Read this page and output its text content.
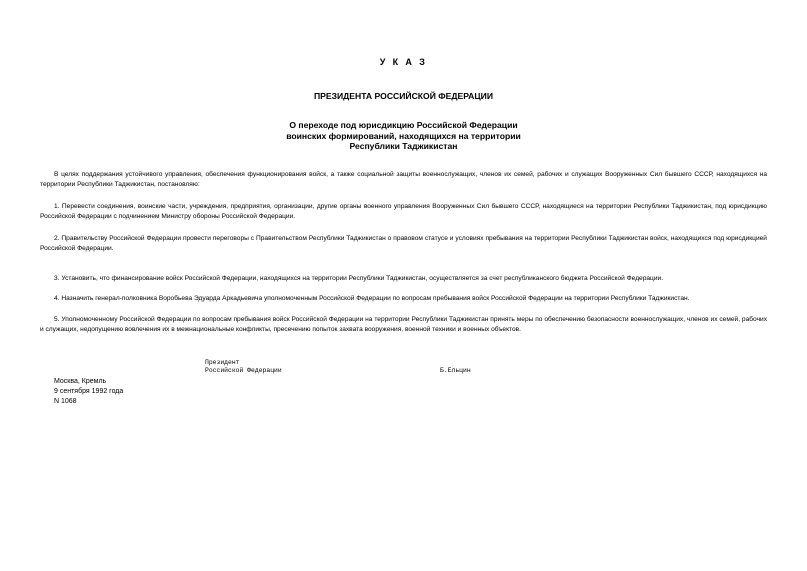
У К А З
ПРЕЗИДЕНТА РОССИЙСКОЙ ФЕДЕРАЦИИ
О переходе под юрисдикцию Российской Федерации
воинских формирований, находящихся на территории
Республики Таджикистан
В целях поддержания устойчивого управления, обеспечения функционирования войск, а также социальной защиты военнослужащих, членов их семей, рабочих и служащих Вооруженных Сил бывшего СССР, находящихся на территории Республики Таджикистан, постановляю:
1. Перевести соединения, воинские части, учреждения, предприятия, организации, другие органы военного управления Вооруженных Сил бывшего СССР, находящиеся на территории Республики Таджикистан, под юрисдикцию Российской Федерации с подчинением Министру обороны Российской Федерации.
2. Правительству Российской Федерации провести переговоры с Правительством Республики Таджикистан о правовом статусе и условиях пребывания на территории Республики Таджикистан войск, находящихся под юрисдикцией Российской Федерации.
3. Установить, что финансирование войск Российской Федерации, находящихся на территории Республики Таджикистан, осуществляется за счет республиканского бюджета Российской Федерации.
4. Назначить генерал-полковника Воробьева Эдуарда Аркадьевича уполномоченным Российской Федерации по вопросам пребывания войск Российской Федерации на территории Республики Таджикистан.
5. Уполномоченному Российской Федерации по вопросам пребывания войск Российской Федерации на территории Республики Таджикистан принять меры по обеспечению безопасности военнослужащих, членов их семей, рабочих и служащих, недопущению вовлечения их в межнациональные конфликты, пресечению попыток захвата вооружения, военной техники и военных объектов.
Президент
Российской Федерации	Б.Ельцин
Москва, Кремль
9 сентября 1992 года
N 1068
